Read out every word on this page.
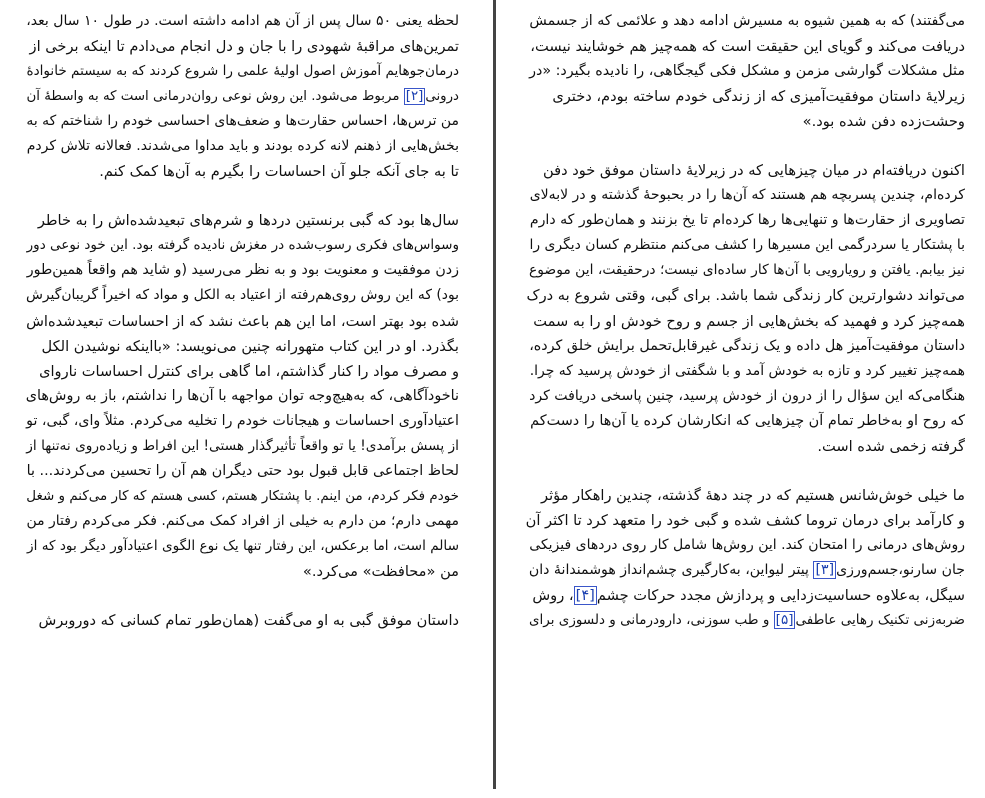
لحظه یعنی ۵۰ سال پس از آن هم ادامه داشته است. در طول ۱۰ سال بعد،
تمرین‌های مراقبهٔ شهودی را با جان و دل انجام می‌دادم تا اینکه برخی از
درمان‌جوهایم آموزش اصول اولیهٔ علمی را شروع کردند که به سیستم خانوادهٔ
درونی[۲] مربوط می‌شود. این روش نوعی روان‌درمانی است که به واسطهٔ آن
من ترس‌ها، احساس حقارت‌ها و ضعف‌های احساسی خودم را شناختم که به
بخش‌هایی از ذهنم لانه کرده بودند و باید مداوا می‌شدند. فعالانه تلاش کردم
تا به جای آنکه جلو آن احساسات را بگیرم به آن‌ها کمک کنم.

سال‌ها بود که گبی برنستین دردها و شرم‌های تبعیدشده‌اش را به خاطر
وسواس‌های فکری رسوب‌شده در مغزش نادیده گرفته بود. این خود نوعی دور
زدن موفقیت و معنویت بود و به نظر می‌رسید (و شاید هم واقعاً همین‌طور
بود) که این روش روی‌هم‌رفته از اعتیاد به الکل و مواد که اخیراً گریبان‌گیرش
شده بود بهتر است، اما این هم باعث نشد که از احساسات تبعیدشده‌اش
بگذرد. او در این کتاب متهورانه چنین می‌نویسد: «بااینکه نوشیدن الکل
و مصرف مواد را کنار گذاشتم، اما گاهی برای کنترل احساسات ناروای
ناخودآگاهی، که به‌هیچ‌وجه توان مواجهه با آن‌ها را نداشتم، باز به روش‌های
اعتیادآوری احساسات و هیجانات خودم را تخلیه می‌کردم. مثلاً وای، گبی، تو
از پسش برآمدی! یا تو واقعاً تأثیرگذار هستی! این افراط و زیاده‌روی نه‌تنها از
لحاظ اجتماعی قابل قبول بود حتی دیگران هم آن را تحسین می‌کردند... با
خودم فکر کردم، من اینم. با پشتکار هستم، کسی هستم که کار می‌کنم و شغل
مهمی دارم؛ من دارم به خیلی از افراد کمک می‌کنم. فکر می‌کردم رفتار من
سالم است، اما برعکس، این رفتار تنها یک نوع الگوی اعتیادآور دیگر بود که از
من «محافظت» می‌کرد.»

داستان موفق گبی به او می‌گفت (همان‌طور تمام کسانی که دوروبرش

می‌گفتند) که به همین شیوه به مسیرش ادامه دهد و علائمی که از جسمش
دریافت می‌کند و گویای این حقیقت است که همه‌چیز هم خوشایند نیست،
مثل مشکلات گوارشی مزمن و مشکل فکی گیجگاهی، را نادیده بگیرد: «در
زیرلایهٔ داستان موفقیت‌آمیزی که از زندگی خودم ساخته بودم، دختری
وحشت‌زده دفن شده بود.»

اکنون دریافته‌ام در میان چیزهایی که در زیرلایهٔ داستان موفق خود دفن
کرده‌ام، چندین پسربچه هم هستند که آن‌ها را در بحبوحهٔ گذشته و در لابه‌لای
تصاویری از حقارت‌ها و تنهایی‌ها رها کرده‌ام تا یخ بزنند و همان‌طور که دارم
با پشتکار یا سردرگمی این مسیرها را کشف می‌کنم منتظرم کسان دیگری را
نیز بیابم. یافتن و رویارویی با آن‌ها کار ساده‌ای نیست؛ درحقیقت، این موضوع
می‌تواند دشوارترین کار زندگی شما باشد. برای گبی، وقتی شروع به درک
همه‌چیز کرد و فهمید که بخش‌هایی از جسم و روح خودش او را به سمت
داستان موفقیت‌آمیز هل داده و یک زندگی غیرقابل‌تحمل برایش خلق کرده،
همه‌چیز تغییر کرد و تازه به خودش آمد و با شگفتی از خودش پرسید که چرا.
هنگامی‌که این سؤال را از درون از خودش پرسید، چنین پاسخی دریافت کرد
که روح او به‌خاطر تمام آن چیزهایی که انکارشان کرده یا آن‌ها را دست‌کم
گرفته زخمی شده است.

ما خیلی خوش‌شانس هستیم که در چند دههٔ گذشته، چندین راهکار مؤثر
و کارآمد برای درمان تروما کشف شده و گبی خود را متعهد کرد تا اکثر آن
روش‌های درمانی را امتحان کند. این روش‌ها شامل کار روی دردهای فیزیکی
جان سارنو،جسم‌ورزی[۳] پیتر لیواین، به‌کارگیری چشم‌انداز هوشمندانهٔ دان
سیگل، به‌علاوه حساسیت‌زدایی و پردازش مجدد حرکات چشم[۴]، روش
ضربه‌زنی تکنیک رهایی عاطفی[۵] و طب سوزنی، دارودرمانی و دلسوزی برای
